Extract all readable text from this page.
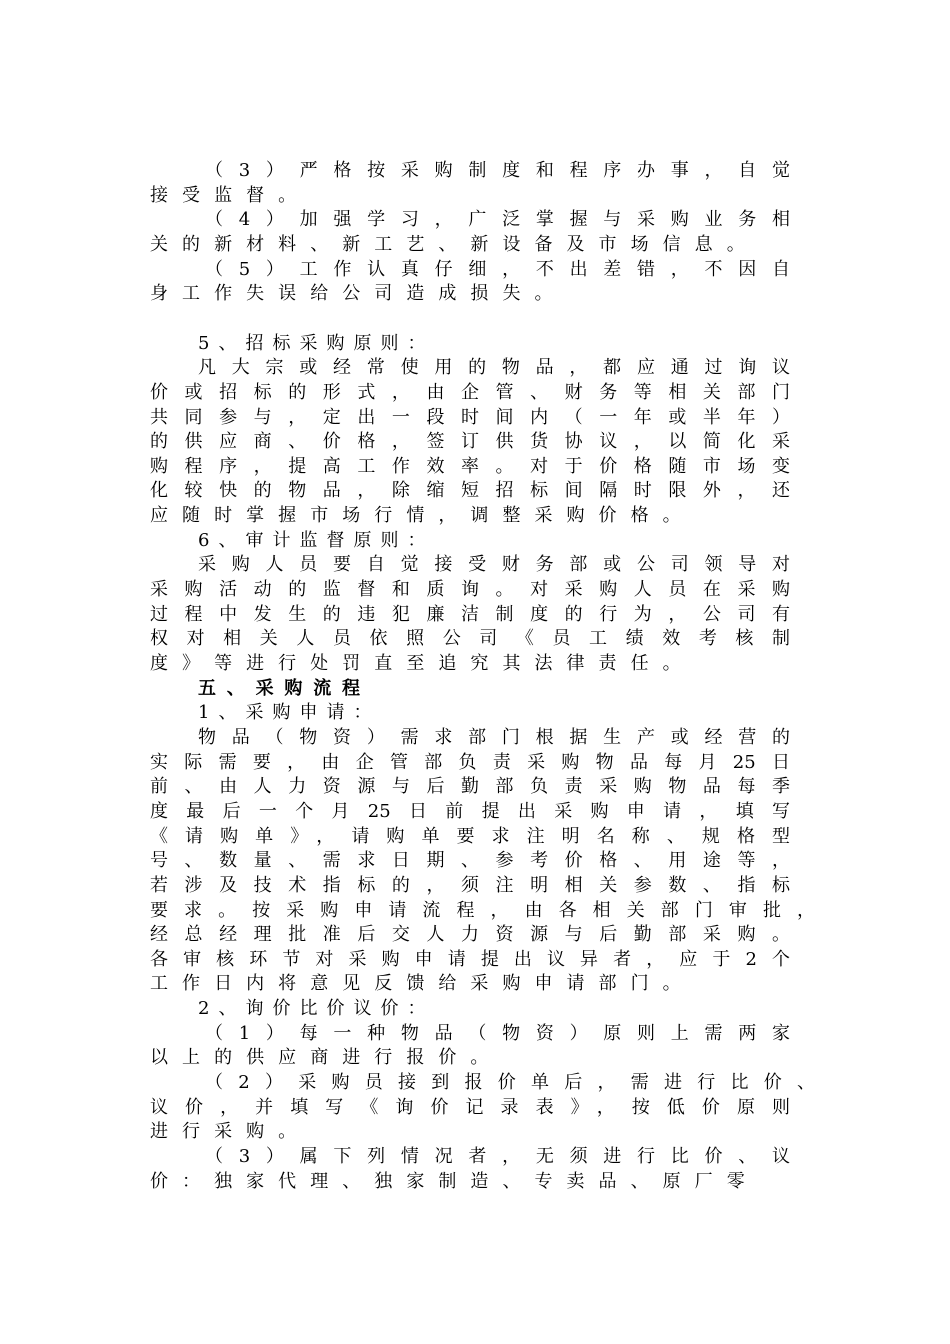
（3）严格按采购制度和程序办事，自觉
接受监督。
（4）加强学习，广泛掌握与采购业务相
关的新材料、新工艺、新设备及市场信息。
（5）工作认真仔细，不出差错，不因自
身工作失误给公司造成损失。
5、招标采购原则：
凡大宗或经常使用的物品，都应通过询议
价或招标的形式，由企管、财务等相关部门
共同参与，定出一段时间内（一年或半年）
的供应商、价格，签订供货协议，以简化采
购程序，提高工作效率。对于价格随市场变
化较快的物品，除缩短招标间隔时限外，还
应随时掌握市场行情，调整采购价格。
6、审计监督原则：
采购人员要自觉接受财务部或公司领导对
采购活动的监督和质询。对采购人员在采购
过程中发生的违犯廉洁制度的行为，公司有
权对相关人员依照公司《员工绩效考核制
度》等进行处罚直至追究其法律责任。
五、采购流程
1、采购申请：
物品（物资）需求部门根据生产或经营的
实际需要，由企管部负责采购物品每月25日
前、由人力资源与后勤部负责采购物品每季
度最后一个月25日前提出采购申请，填写
《请购单》，请购单要求注明名称、规格型
号、数量、需求日期、参考价格、用途等，
若涉及技术指标的，须注明相关参数、指标
要求。按采购申请流程，由各相关部门审批，
经总经理批准后交人力资源与后勤部采购。
各审核环节对采购申请提出议异者，应于2个
工作日内将意见反馈给采购申请部门。
2、询价比价议价：
（1）每一种物品（物资）原则上需两家
以上的供应商进行报价。
（2）采购员接到报价单后，需进行比价、
议价，并填写《询价记录表》，按低价原则
进行采购。
（3）属下列情况者，无须进行比价、议
价：独家代理、独家制造、专卖品、原厂零
